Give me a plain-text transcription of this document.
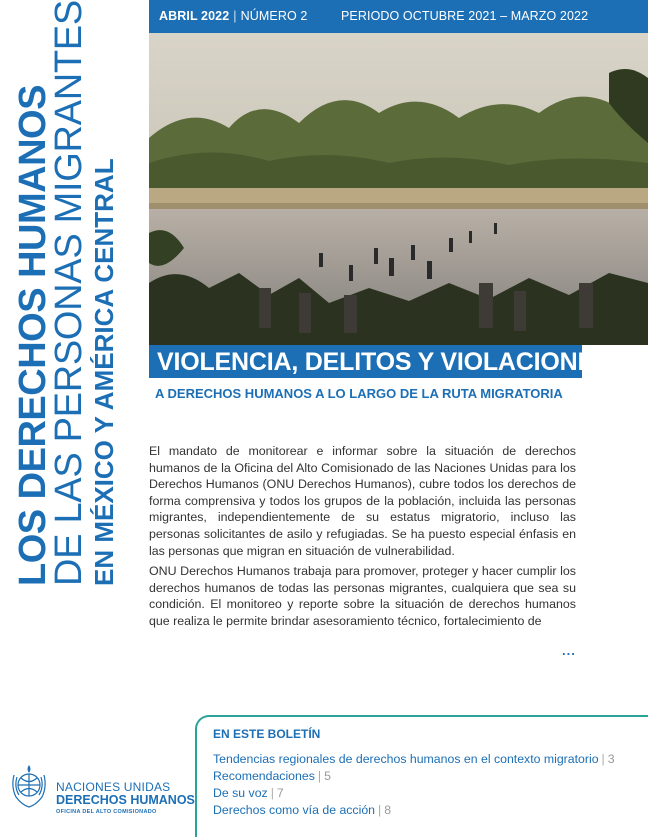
ABRIL 2022 | NÚMERO 2	PERIODO OCTUBRE 2021 – MARZO 2022
LOS DERECHOS HUMANOS
DE LAS PERSONAS MIGRANTES EN MÉXICO Y AMÉRICA CENTRAL	VIOLENCIA, DELITOS Y VIOLACIONES
A DERECHOS HUMANOS A LO LARGO DE LA RUTA MIGRATORIA

El mandato de monitorear e informar sobre la situación de derechos humanos de la Oficina del Alto Comisionado de las Naciones Unidas para los Derechos Humanos (ONU Derechos Humanos), cubre todos los derechos de forma comprensiva y todos los grupos de la población, incluida las personas migrantes, independientemente de su estatus migratorio, incluso las personas solicitantes de asilo y refugiadas. Se ha puesto especial énfasis en las personas que migran en situación de vulnerabilidad.

ONU Derechos Humanos trabaja para promover, proteger y hacer cumplir los derechos humanos de todas las personas migrantes, cualquiera que sea su condición. El monitoreo y reporte sobre la situación de derechos humanos que realiza le permite brindar asesoramiento técnico, fortalecimiento de

...
NACIONES UNIDAS
DERECHOS HUMANOS
OFICINA DEL ALTO COMISIONADO
EN ESTE BOLETÍN
Tendencias regionales de derechos humanos en el contexto migratorio | 3
Recomendaciones | 5
De su voz | 7
Derechos como vía de acción | 8
